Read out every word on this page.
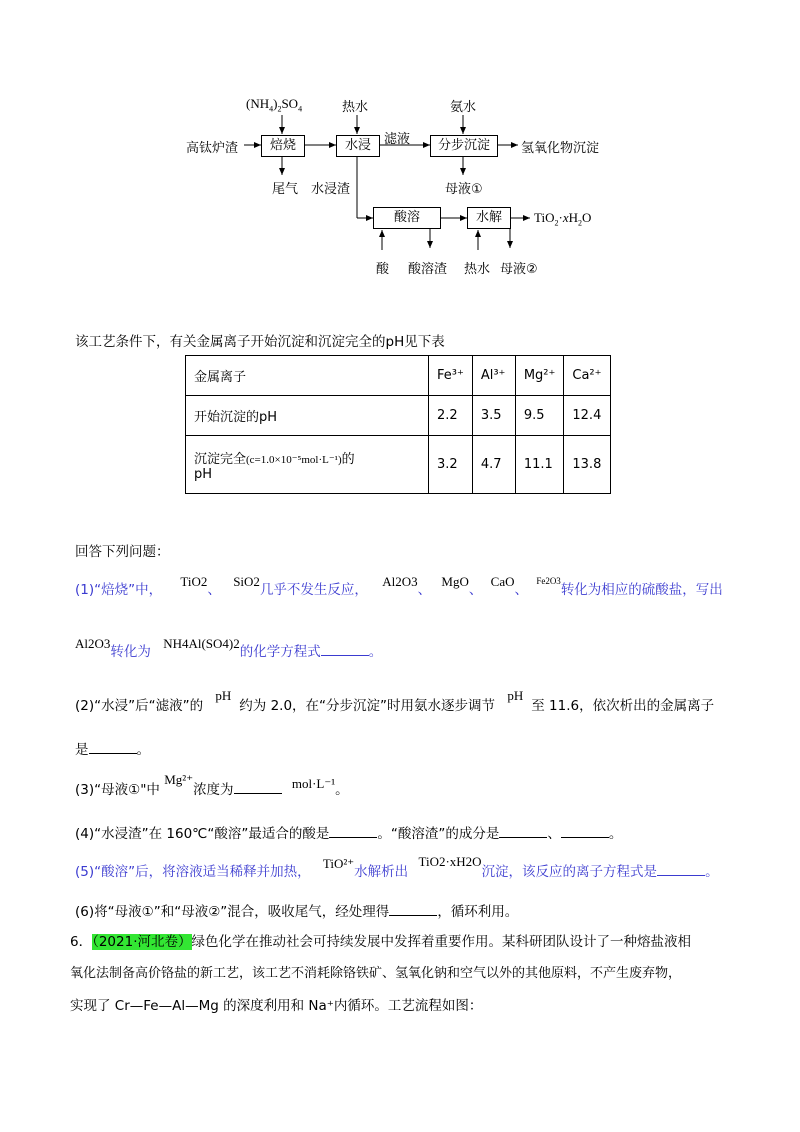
焙烧	水浸	分步沉淀
酸溶	水解
$(NH_4)_2SO_4$	热水	氨水
高钛炉渣
滤液
氢氧化物沉淀
尾气 水浸渣	母液①
$TiO_2\cdot xH_2O$
酸 酸溶渣 热水 母液②
该工艺条件下，有关金属离子开始沉淀和沉淀完全的pH见下表
金属离子	Fe³⁺	Al³⁺	Mg²⁺	Ca²⁺
开始沉淀的pH	2.2	3.5	9.5	12.4
沉淀完全(c=1.0×10⁻⁵mol·L⁻¹)的
pH	3.2	4.7	11.1	13.8
回答下列问题：
(1)“焙烧”中， TiO2、 SiO2几乎不发生反应， Al2O3、 MgO、 CaO、 $^{Fe2O3}$转化为相应的硫酸盐，写出
Al2O3转化为 NH4Al(SO4)2的化学方程式	。
(2)“水浸”后“滤液”的 pH约为 2.0，在“分步沉淀”时用氨水逐步调节 pH至 11.6，依次析出的金属离子
是	。
(3)“母液①"中 Mg²⁺浓度为	mol·L⁻¹。
(4)“水浸渣”在 160℃“酸溶”最适合的酸是	。“酸溶渣”的成分是	、	。
(5)“酸溶”后，将溶液适当稀释并加热， TiO²⁺水解析出 TiO2·xH2O沉淀，该反应的离子方程式是	。
(6)将“母液①”和“母液②”混合，吸收尾气，经处理得	，循环利用。
6．（2021·河北卷）绿色化学在推动社会可持续发展中发挥着重要作用。某科研团队设计了一种熔盐液相
氧化法制备高价铬盐的新工艺，该工艺不消耗除铬铁矿、氢氧化钠和空气以外的其他原料，不产生废弃物，
实现了 Cr—Fe—Al—Mg 的深度利用和 Na⁺内循环。工艺流程如图：
